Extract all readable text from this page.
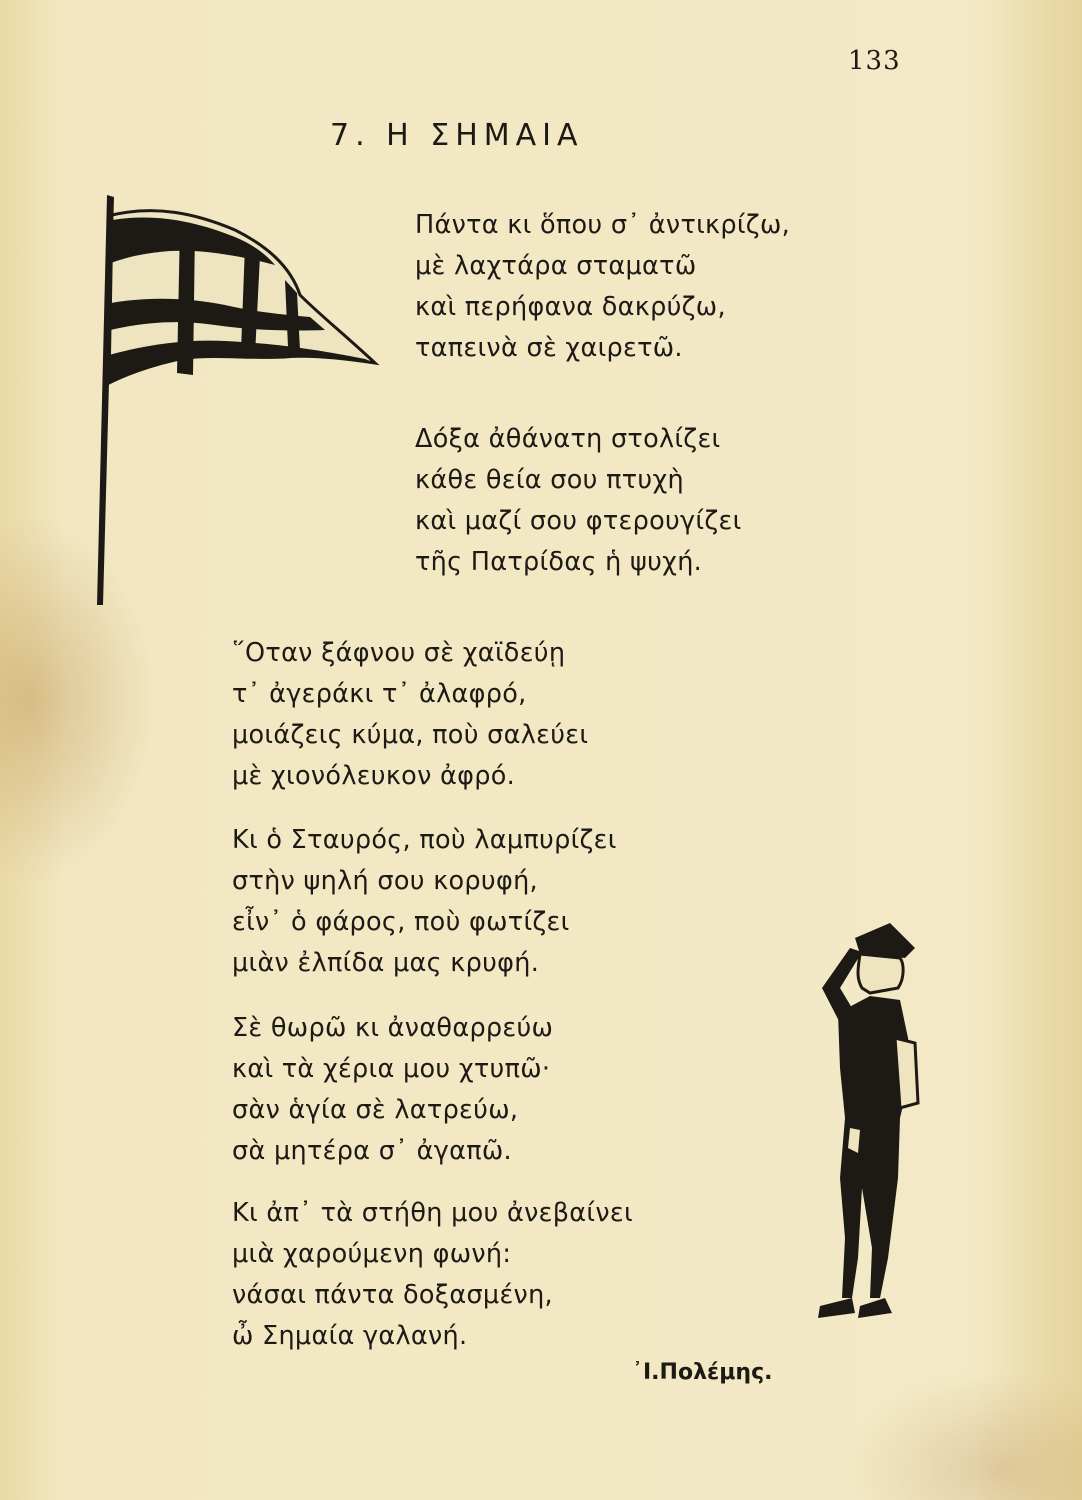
133
7. Η ΣΗΜΑΙΑ
Πάντα κι ὅπου σ᾽ ἀντικρίζω,
μὲ λαχτάρα σταματῶ
καὶ περήφανα δακρύζω,
ταπεινὰ σὲ χαιρετῶ.
Δόξα ἀθάνατη στολίζει
κάθε θεία σου πτυχὴ
καὶ μαζί σου φτερουγίζει
τῆς Πατρίδας ἡ ψυχή.
῞Οταν ξάφνου σὲ χαϊδεύῃ
τ᾽ ἀγεράκι τ᾽ ἀλαφρό,
μοιάζεις κύμα, ποὺ σαλεύει
μὲ χιονόλευκον ἀφρό.
Κι ὁ Σταυρός, ποὺ λαμπυρίζει
στὴν ψηλή σου κορυφή,
εἶν᾽ ὁ φάρος, ποὺ φωτίζει
μιὰν ἐλπίδα μας κρυφή.
Σὲ θωρῶ κι ἀναθαρρεύω
καὶ τὰ χέρια μου χτυπῶ·
σὰν ἁγία σὲ λατρεύω,
σὰ μητέρα σ᾽ ἀγαπῶ.
Κι ἀπ᾽ τὰ στήθη μου ἀνεβαίνει
μιὰ χαρούμενη φωνή:
νάσαι πάντα δοξασμένη,
ὦ Σημαία γαλανή.
᾿Ι.Πολέμης.
